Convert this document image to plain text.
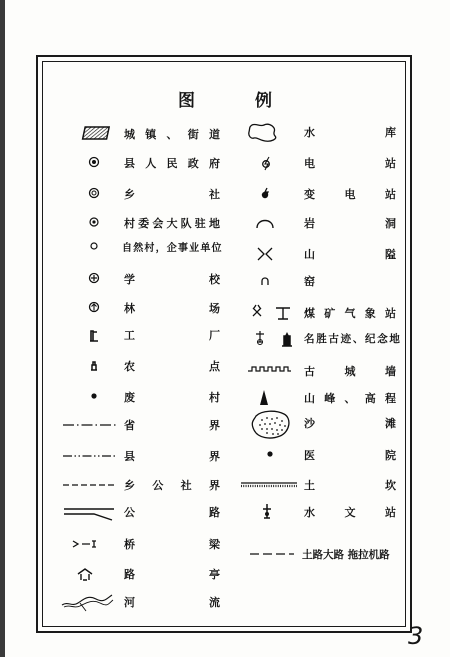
图	例
城 镇 、 街 道
县 人 民 政 府
乡	社
村 委 会 大 队 驻 地
自 然 村 ， 企 事 业 单 位
学	校
林	场
工	厂
农	点
废	村
省	界
县	界
乡 公 社 界
公	路
桥	梁
路	亭
河	流
水	库
电	站
变	电	站
岩	洞
山	隘
窑
煤 矿 气 象 站
名 胜 古 迹 、 纪 念 地
古	城	墙
山 峰 、 高 程
沙	滩
医	院
土	坎
水	文	站
土路大路 拖拉机路
3
